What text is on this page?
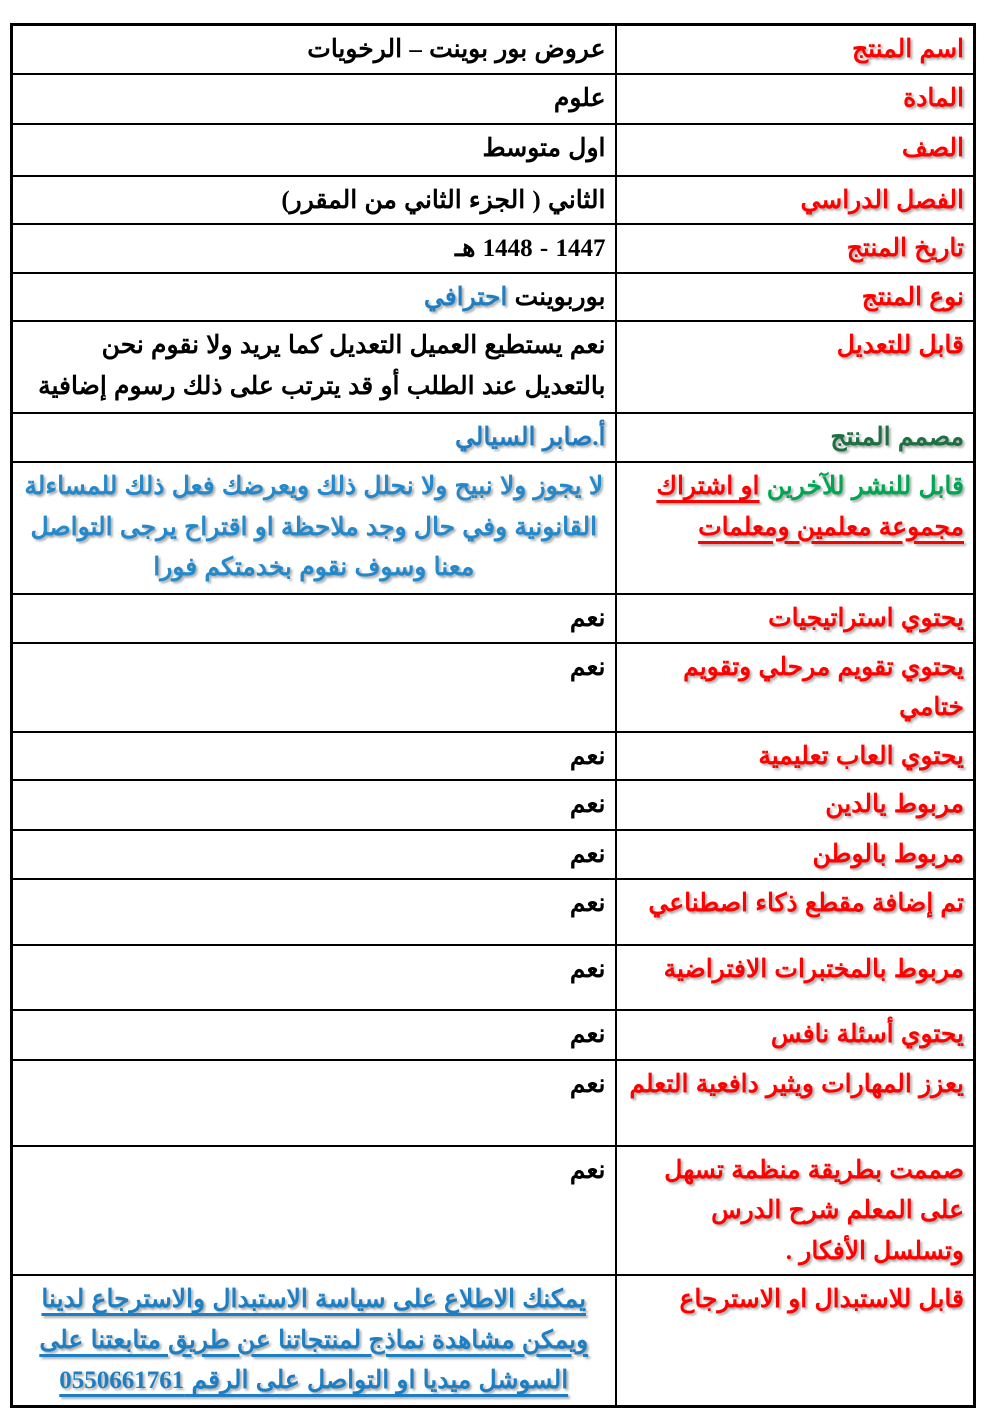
اسم المنتج	عروض بور بوينت – الرخويات
المادة	علوم
الصف	اول متوسط
الفصل الدراسي	الثاني ( الجزء الثاني من المقرر)
تاريخ المنتج	1447 - 1448 هـ
نوع المنتج	بوربوينت احترافي
قابل للتعديل	نعم يستطيع العميل التعديل كما يريد ولا نقوم نحن بالتعديل عند الطلب أو قد يترتب على ذلك رسوم إضافية
مصمم المنتج	أ.صابر السيالي
قابل للنشر للآخرين او اشتراك مجموعة معلمين ومعلمات	لا يجوز ولا نبيح ولا نحلل ذلك ويعرضك فعل ذلك للمساءلة القانونية وفي حال وجد ملاحظة او اقتراح يرجى التواصل معنا وسوف نقوم بخدمتكم فورا
يحتوي استراتيجيات	نعم
يحتوي تقويم مرحلي وتقويم ختامي	نعم
يحتوي العاب تعليمية	نعم
مربوط يالدين	نعم
مربوط بالوطن	نعم
تم إضافة مقطع ذكاء اصطناعي	نعم
مربوط بالمختبرات الافتراضية	نعم
يحتوي أسئلة نافس	نعم
يعزز المهارات ويثير دافعية التعلم	نعم
صممت بطريقة منظمة تسهل على المعلم شرح الدرس وتسلسل الأفكار .	نعم
قابل للاستبدال او الاسترجاع	يمكنك الاطلاع على سياسة الاستبدال والاسترجاع لدينا ويمكن مشاهدة نماذج لمنتجاتنا عن طريق متابعتنا على السوشل ميديا او التواصل على الرقم 0550661761
